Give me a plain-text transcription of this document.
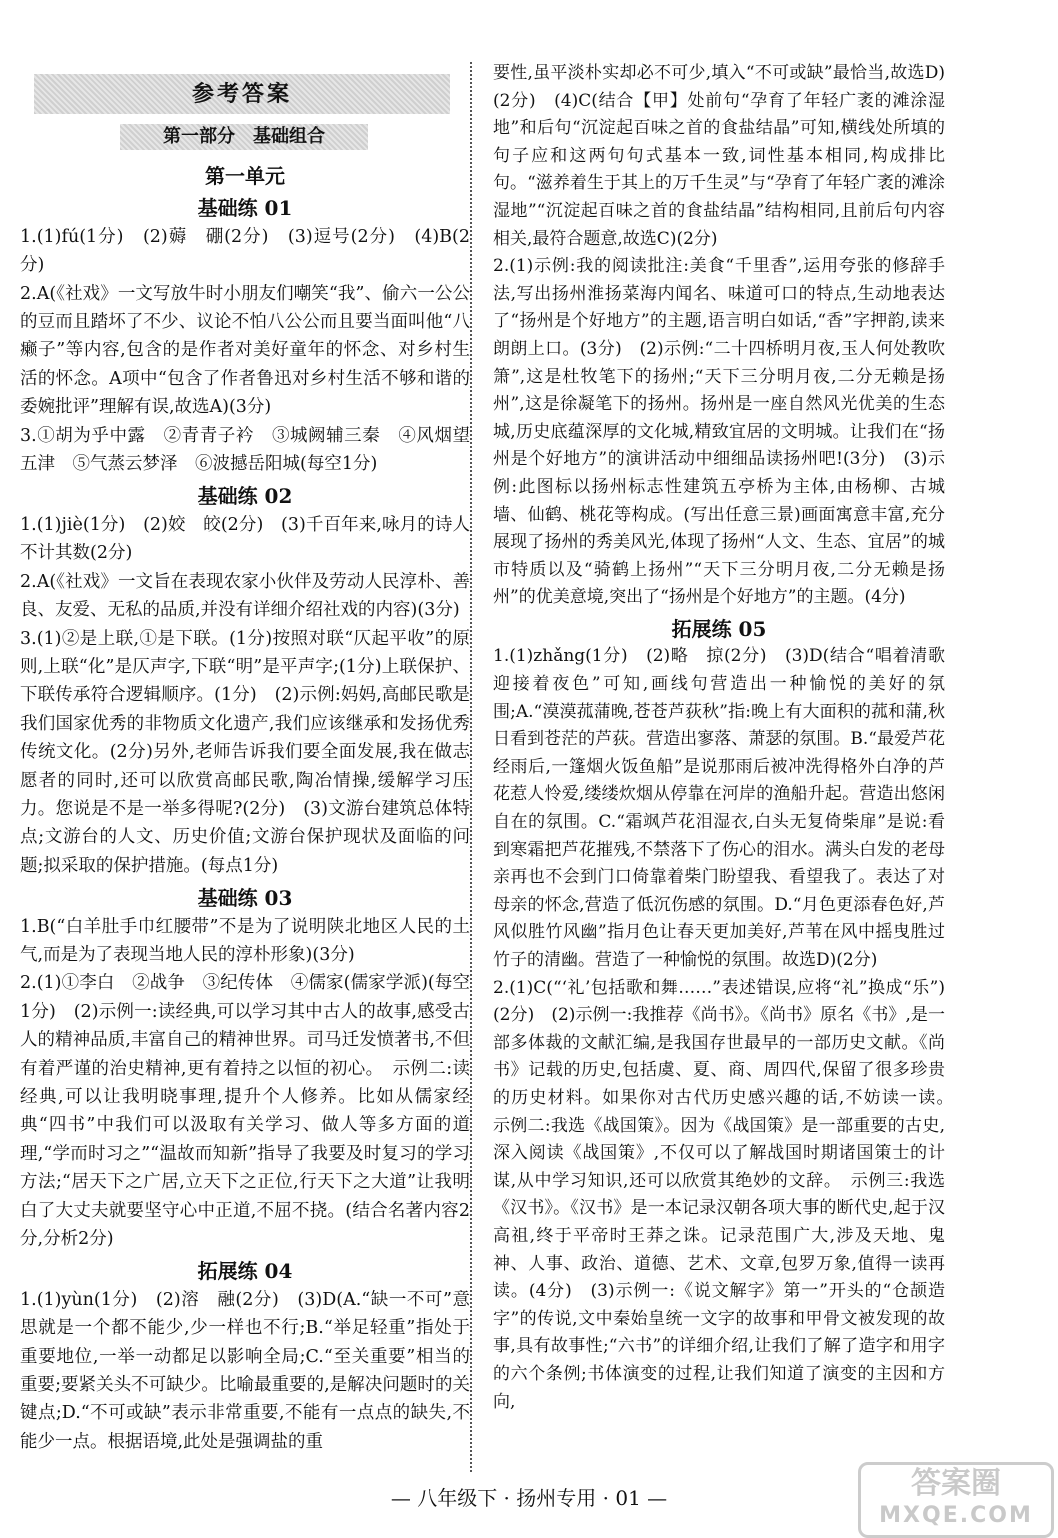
参考答案
第一部分　基础组合
第一单元
基础练 01
1.(1)fú(1分)　(2)薅　硼(2分)　(3)逗号(2分)　(4)B(2分)
2.A(《社戏》一文写放牛时小朋友们嘲笑“我”、偷六一公公的豆而且踏坏了不少、议论不怕八公公而且要当面叫他“八癞子”等内容,包含的是作者对美好童年的怀念、对乡村生活的怀念。A项中“包含了作者鲁迅对乡村生活不够和谐的委婉批评”理解有误,故选A)(3分)
3.①胡为乎中露　②青青子衿　③城阙辅三秦　④风烟望五津　⑤气蒸云梦泽　⑥波撼岳阳城(每空1分)
基础练 02
1.(1)jiè(1分)　(2)姣　皎(2分)　(3)千百年来,咏月的诗人不计其数(2分)
2.A(《社戏》一文旨在表现农家小伙伴及劳动人民淳朴、善良、友爱、无私的品质,并没有详细介绍社戏的内容)(3分)
3.(1)②是上联,①是下联。(1分)按照对联“仄起平收”的原则,上联“化”是仄声字,下联“明”是平声字;(1分)上联保护、下联传承符合逻辑顺序。(1分)　(2)示例:妈妈,高邮民歌是我们国家优秀的非物质文化遗产,我们应该继承和发扬优秀传统文化。(2分)另外,老师告诉我们要全面发展,我在做志愿者的同时,还可以欣赏高邮民歌,陶冶情操,缓解学习压力。您说是不是一举多得呢?(2分)　(3)文游台建筑总体特点;文游台的人文、历史价值;文游台保护现状及面临的问题;拟采取的保护措施。(每点1分)
基础练 03
1.B(“白羊肚手巾红腰带”不是为了说明陕北地区人民的土气,而是为了表现当地人民的淳朴形象)(3分)
2.(1)①李白　②战争　③纪传体　④儒家(儒家学派)(每空1分)　(2)示例一:读经典,可以学习其中古人的故事,感受古人的精神品质,丰富自己的精神世界。司马迁发愤著书,不但有着严谨的治史精神,更有着持之以恒的初心。　示例二:读经典,可以让我明晓事理,提升个人修养。比如从儒家经典“四书”中我们可以汲取有关学习、做人等多方面的道理,“学而时习之”“温故而知新”指导了我要及时复习的学习方法;“居天下之广居,立天下之正位,行天下之大道”让我明白了大丈夫就要坚守心中正道,不屈不挠。(结合名著内容2分,分析2分)
拓展练 04
1.(1)yùn(1分)　(2)溶　融(2分)　(3)D(A.“缺一不可”意思就是一个都不能少,少一样也不行;B.“举足轻重”指处于重要地位,一举一动都足以影响全局;C.“至关重要”相当的重要;要紧关头不可缺少。比喻最重要的,是解决问题时的关键点;D.“不可或缺”表示非常重要,不能有一点点的缺失,不能少一点。根据语境,此处是强调盐的重
要性,虽平淡朴实却必不可少,填入“不可或缺”最恰当,故选D)(2分)　(4)C(结合【甲】处前句“孕育了年轻广袤的滩涂湿地”和后句“沉淀起百味之首的食盐结晶”可知,横线处所填的句子应和这两句句式基本一致,词性基本相同,构成排比句。“滋养着生于其上的万千生灵”与“孕育了年轻广袤的滩涂湿地”“沉淀起百味之首的食盐结晶”结构相同,且前后句内容相关,最符合题意,故选C)(2分)
2.(1)示例:我的阅读批注:美食“千里香”,运用夸张的修辞手法,写出扬州淮扬菜海内闻名、味道可口的特点,生动地表达了“扬州是个好地方”的主题,语言明白如话,“香”字押韵,读来朗朗上口。(3分)　(2)示例:“二十四桥明月夜,玉人何处教吹箫”,这是杜牧笔下的扬州;“天下三分明月夜,二分无赖是扬州”,这是徐凝笔下的扬州。扬州是一座自然风光优美的生态城,历史底蕴深厚的文化城,精致宜居的文明城。让我们在“扬州是个好地方”的演讲活动中细细品读扬州吧!(3分)　(3)示例:此图标以扬州标志性建筑五亭桥为主体,由杨柳、古城墙、仙鹤、桃花等构成。(写出任意三景)画面寓意丰富,充分展现了扬州的秀美风光,体现了扬州“人文、生态、宜居”的城市特质以及“骑鹤上扬州”“天下三分明月夜,二分无赖是扬州”的优美意境,突出了“扬州是个好地方”的主题。(4分)
拓展练 05
1.(1)zhǎng(1分)　(2)略　掠(2分)　(3)D(结合“唱着清歌迎接着夜色”可知,画线句营造出一种愉悦的美好的氛围;A.“漠漠菰蒲晚,苍苍芦荻秋”指:晚上有大面积的菰和蒲,秋日看到苍茫的芦荻。营造出寥落、萧瑟的氛围。B.“最爱芦花经雨后,一篷烟火饭鱼船”是说那雨后被冲洗得格外白净的芦花惹人怜爱,缕缕炊烟从停靠在河岸的渔船升起。营造出悠闲自在的氛围。C.“霜飒芦花泪湿衣,白头无复倚柴扉”是说:看到寒霜把芦花摧残,不禁落下了伤心的泪水。满头白发的老母亲再也不会到门口倚靠着柴门盼望我、看望我了。表达了对母亲的怀念,营造了低沉伤感的氛围。D.“月色更添春色好,芦风似胜竹风幽”指月色让春天更加美好,芦苇在风中摇曳胜过竹子的清幽。营造了一种愉悦的氛围。故选D)(2分)
2.(1)C(“‘礼’包括歌和舞……”表述错误,应将“礼”换成“乐”)(2分)　(2)示例一:我推荐《尚书》。《尚书》原名《书》,是一部多体裁的文献汇编,是我国存世最早的一部历史文献。《尚书》记载的历史,包括虞、夏、商、周四代,保留了很多珍贵的历史材料。如果你对古代历史感兴趣的话,不妨读一读。　示例二:我选《战国策》。因为《战国策》是一部重要的古史,深入阅读《战国策》,不仅可以了解战国时期诸国策士的计谋,从中学习知识,还可以欣赏其绝妙的文辞。　示例三:我选《汉书》。《汉书》是一本记录汉朝各项大事的断代史,起于汉高祖,终于平帝时王莽之诛。记录范围广大,涉及天地、鬼神、人事、政治、道德、艺术、文章,包罗万象,值得一读再读。(4分)　(3)示例一:《说文解字》第一”开头的“仓颉造字”的传说,文中秦始皇统一文字的故事和甲骨文被发现的故事,具有故事性;“六书”的详细介绍,让我们了解了造字和用字的六个条例;书体演变的过程,让我们知道了演变的主因和方向,
— 八年级下 · 扬州专用 · 01 —	答案圈
MXQE.COM
